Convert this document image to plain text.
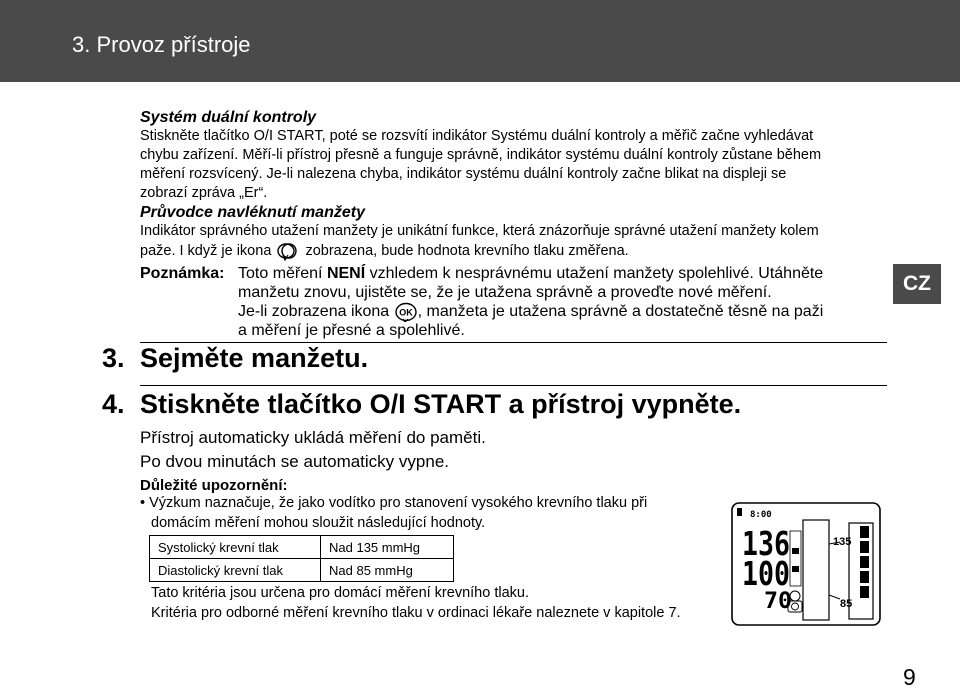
3. Provoz přístroje
Systém duální kontroly
Stiskněte tlačítko O/I START, poté se rozsvítí indikátor Systému duální kontroly a měřič začne vyhledávat
chybu zařízení. Měří-li přístroj přesně a funguje správně, indikátor systému duální kontroly zůstane během
měření rozsvícený. Je-li nalezena chyba, indikátor systému duální kontroly začne blikat na displeji se
zobrazí zpráva „Er“.
Průvodce navléknutí manžety
Indikátor správného utažení manžety je unikátní funkce, která znázorňuje správné utažení manžety kolem
paže. I když je ikona zobrazena, bude hodnota krevního tlaku změřena.
Poznámka: Toto měření NENÍ vzhledem k nesprávnému utažení manžety spolehlivé. Utáhněte
manžetu znovu, ujistěte se, že je utažena správně a proveďte nové měření.
Je-li zobrazena ikona OK , manžeta je utažena správně a dostatečně těsně na paži
a měření je přesné a spolehlivé.
CZ
3. Sejměte manžetu.
4. Stiskněte tlačítko O/I START a přístroj vypněte.
Přístroj automaticky ukládá měření do paměti.
Po dvou minutách se automaticky vypne.
Důležité upozornění:
• Výzkum naznačuje, že jako vodítko pro stanovení vysokého krevního tlaku při
domácím měření mohou sloužit následující hodnoty.
Systolický krevní tlak	Nad 135 mmHg
Diastolický krevní tlak	Nad 85 mmHg
Tato kritéria jsou určena pro domácí měření krevního tlaku.
Kritéria pro odborné měření krevního tlaku v ordinaci lékaře naleznete v kapitole 7.
8:00
136
100
70
135
85
9
